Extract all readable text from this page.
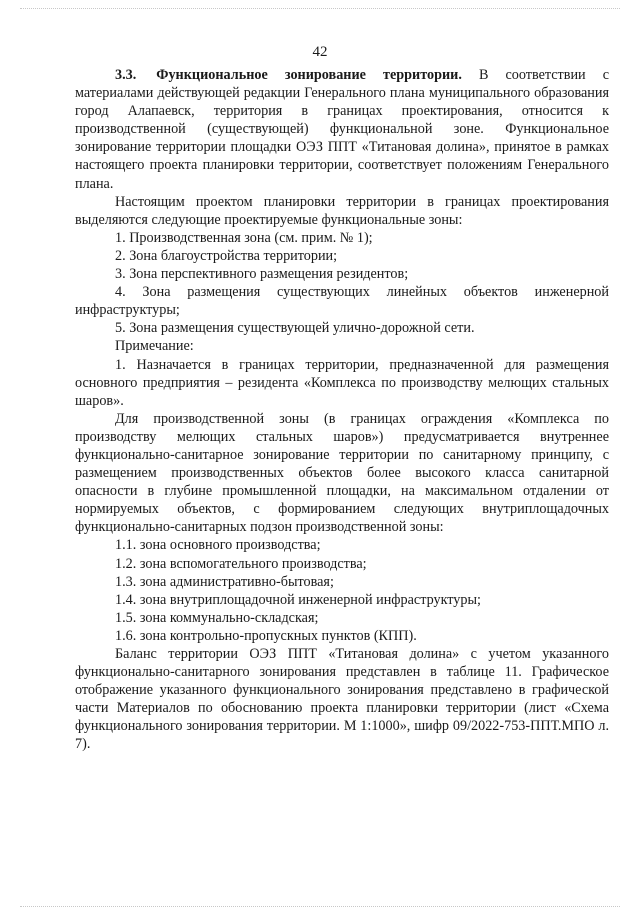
42

3.3. Функциональное зонирование территории. В соответствии с материалами действующей редакции Генерального плана муниципального образования город Алапаевск, территория в границах проектирования, относится к производственной (существующей) функциональной зоне. Функциональное зонирование территории площадки ОЭЗ ППТ «Титановая долина», принятое в рамках настоящего проекта планировки территории, соответствует положениям Генерального плана.

Настоящим проектом планировки территории в границах проектирования выделяются следующие проектируемые функциональные зоны:

1. Производственная зона (см. прим. № 1);

2. Зона благоустройства территории;

3. Зона перспективного размещения резидентов;

4. Зона размещения существующих линейных объектов инженерной инфраструктуры;

5. Зона размещения существующей улично-дорожной сети.

Примечание:

1. Назначается в границах территории, предназначенной для размещения основного предприятия – резидента «Комплекса по производству мелющих стальных шаров».

Для производственной зоны (в границах ограждения «Комплекса по производству мелющих стальных шаров») предусматривается внутреннее функционально-санитарное зонирование территории по санитарному принципу, с размещением производственных объектов более высокого класса санитарной опасности в глубине промышленной площадки, на максимальном отдалении от нормируемых объектов, с формированием следующих внутриплощадочных функционально-санитарных подзон производственной зоны:

1.1. зона основного производства;

1.2. зона вспомогательного производства;

1.3. зона административно-бытовая;

1.4. зона внутриплощадочной инженерной инфраструктуры;

1.5. зона коммунально-складская;

1.6. зона контрольно-пропускных пунктов (КПП).

Баланс территории ОЭЗ ППТ «Титановая долина» с учетом указанного функционально-санитарного зонирования представлен в таблице 11. Графическое отображение указанного функционального зонирования представлено в графической части Материалов по обоснованию проекта планировки территории (лист «Схема функционального зонирования территории. М 1:1000», шифр 09/2022-753-ППТ.МПО л. 7).
